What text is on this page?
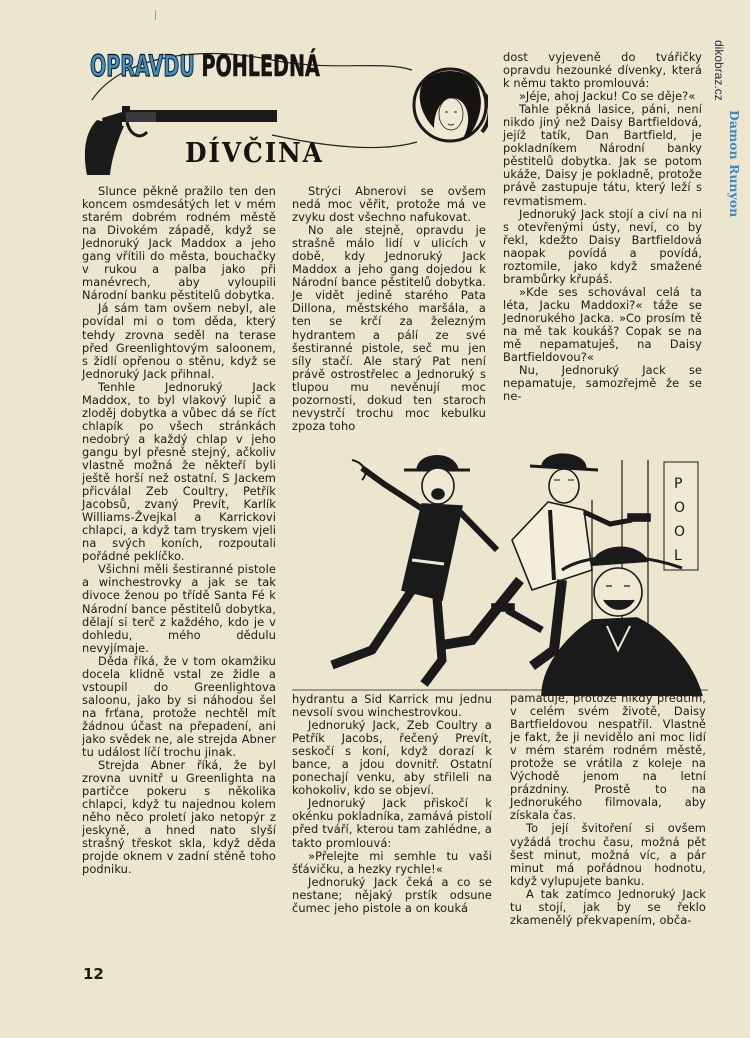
OPRAVDU POHLEDNÁ
DÍVČINA
dikobraz.cz
Damon Runyon

Slunce pěkně pražilo ten den koncem osmdesátých let v mém starém dobrém rodném městě na Divokém západě, když se Jednoruký Jack Maddox a jeho gang vřítili do města, bouchačky v rukou a palba jako při manévrech, aby vyloupili Národní banku pěstitelů dobytka.

Já sám tam ovšem nebyl, ale povídal mi o tom děda, který tehdy zrovna seděl na terase před Greenlightovým saloonem, s židlí opřenou o stěnu, když se Jednoruký Jack přihnal.

Tenhle Jednoruký Jack Maddox, to byl vlakový lupič a zloděj dobytka a vůbec dá se říct chlapík po všech stránkách nedobrý a každý chlap v jeho gangu byl přesně stejný, ačkoliv vlastně možná že někteří byli ještě horší než ostatní. S Jackem přicválal Zeb Coultry, Petřík Jacobsů, zvaný Prevít, Karlík Williams-Žvejkal a Karrickovi chlapci, a když tam tryskem vjeli na svých koních, rozpoutali pořádné peklíčko.

Všichni měli šestiranné pistole a winchestrovky a jak se tak divoce ženou po třídě Santa Fé k Národní bance pěstitelů dobytka, dělají si terč z každého, kdo je v dohledu, mého dědulu nevyjímaje.

Děda říká, že v tom okamžiku docela klidně vstal ze židle a vstoupil do Greenlightova saloonu, jako by si náhodou šel na frťana, protože nechtěl mít žádnou účast na přepadení, ani jako svědek ne, ale strejda Abner tu událost líčí trochu jinak.

Strejda Abner říká, že byl zrovna uvnitř u Greenlighta na partičce pokeru s několika chlapci, když tu najednou kolem něho něco proletí jako netopýr z jeskyně, a hned nato slyší strašný třeskot skla, když děda projde oknem v zadní stěně toho podniku.

Strýci Abnerovi se ovšem nedá moc věřit, protože má ve zvyku dost všechno nafukovat.

No ale stejně, opravdu je strašně málo lidí v ulicích v době, kdy Jednoruký Jack Maddox a jeho gang dojedou k Národní bance pěstitelů dobytka. Je vidět jedině starého Pata Dillona, městského maršála, a ten se krčí za železným hydrantem a pálí ze své šestiranné pistole, seč mu jen síly stačí. Ale starý Pat není právě ostrostřelec a Jednoruký s tlupou mu nevěnují moc pozornosti, dokud ten staroch nevystrčí trochu moc kebulku zpoza toho

dost vyjeveně do tvářičky opravdu hezounké dívenky, která k němu takto promlouvá:

»Jéje, ahoj Jacku! Co se děje?«

Tahle pěkná lasice, páni, není nikdo jiný než Daisy Bartfieldová, jejíž tatík, Dan Bartfield, je pokladníkem Národní banky pěstitelů dobytka. Jak se potom ukáže, Daisy je pokladně, protože právě zastupuje tátu, který leží s revmatismem.

Jednoruký Jack stojí a civí na ni s otevřenými ústy, neví, co by řekl, kdežto Daisy Bartfieldová naopak povídá a povídá, roztomile, jako když smažené brambůrky křupáš.

»Kde ses schovával celá ta léta, Jacku Maddoxi?« táže se Jednorukého Jacka. »Co prosím tě na mě tak koukáš? Copak se na mě nepamatuješ, na Daisy Bartfieldovou?«

Nu, Jednoruký Jack se nepamatuje, samozřejmě že se ne-

P
O
O
L

hydrantu a Sid Karrick mu jednu nevsolí svou winchestrovkou.

Jednoruký Jack, Zeb Coultry a Petřík Jacobs, řečený Prevít, seskočí s koní, když dorazí k bance, a jdou dovnitř. Ostatní ponechají venku, aby střileli na kohokoliv, kdo se objeví.

Jednoruký Jack přiskočí k okénku pokladníka, zamává pistolí před tváří, kterou tam zahlédne, a takto promlouvá:

»Přelejte mi semhle tu vaši šťávičku, a hezky rychle!«

Jednoruký Jack čeká a co se nestane; nějaký prstík odsune čumec jeho pistole a on kouká

pamatuje, protože nikdy předtím, v celém svém životě, Daisy Bartfieldovou nespatřil. Vlastně je fakt, že ji nevidělo ani moc lidí v mém starém rodném městě, protože se vrátila z koleje na Východě jenom na letní prázdniny. Prostě to na Jednorukého filmovala, aby získala čas.

To její švitoření si ovšem vyžádá trochu času, možná pět šest minut, možná víc, a pár minut má pořádnou hodnotu, když vylupujete banku.

A tak zatímco Jednoruký Jack tu stojí, jak by se řeklo zkamenělý překvapením, obča-

12
